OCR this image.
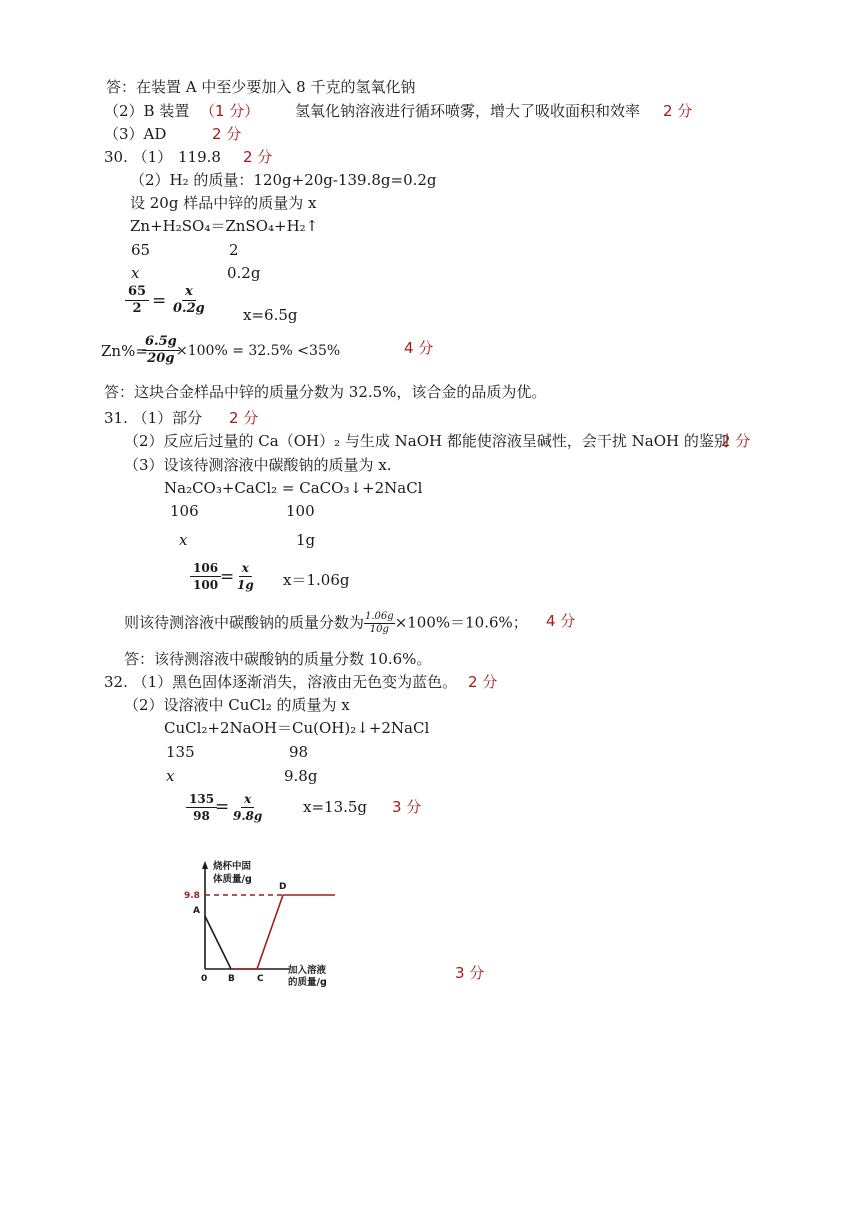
答：在装置 A 中至少要加入 8 千克的氢氧化钠
（2）B 装置 （1 分） 氢氧化钠溶液进行循环喷雾，增大了吸收面积和效率 2 分
（3）AD	2 分
30. （1） 119.8 2 分
（2）H₂ 的质量：120g+20g-139.8g=0.2g
设 20g 样品中锌的质量为 x
Zn+H₂SO₄＝ZnSO₄+H₂↑
65	2
x	0.2g
$\frac{65}{2} = \frac{x}{0.2g} x=6.5g$
Zn%=
$\frac{6.5g}{20g}$
×100% = 32.5% <35%	4 分
答：这块合金样品中锌的质量分数为 32.5%，该合金的品质为优。
31. （1）部分 2 分
（2）反应后过量的 Ca（OH）₂ 与生成 NaOH 都能使溶液呈碱性，会干扰 NaOH 的鉴别
2 分
（3）设该待测溶液中碳酸钠的质量为 x.
Na₂CO₃+CaCl₂ = CaCO₃↓+2NaCl
106	100
x	1g
$\frac{106}{100}$
= $\frac{x}{1g} x=1.06g$
则该待测溶液中碳酸钠的质量分数为 $\frac{1.06g}{10g} \times 100\%=10.6\%$； 4 分
答：该待测溶液中碳酸钠的质量分数 10.6%。
32. （1）黑色固体逐渐消失，溶液由无色变为蓝色。 2 分
（2）设溶液中 CuCl₂ 的质量为 x
CuCl₂+2NaOH＝Cu(OH)₂↓+2NaCl
135	98
x	9.8g
$\frac{135}{98}$
= $\frac{x}{9.8g}$	x=13.5g 3 分
烧杯中固
体质量/g
加入溶液
的质量/g
9.8
0
A
B C
D
3 分
